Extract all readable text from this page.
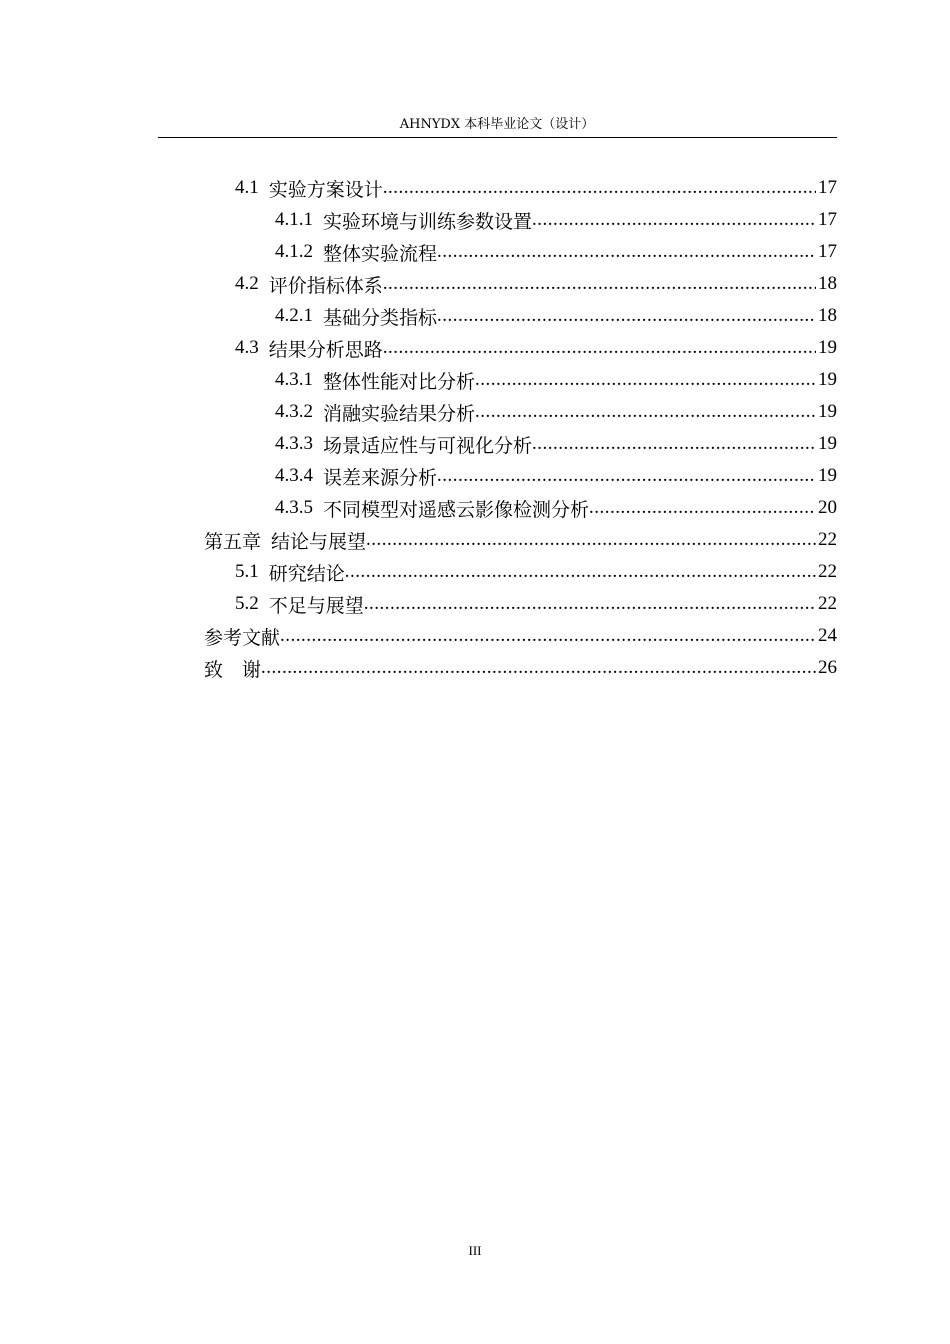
AHNYDX 本科毕业论文（设计）
4.1 实验方案设计 .....	17
4.1.1 实验环境与训练参数设置 .....	17
4.1.2 整体实验流程 .....	17
4.2 评价指标体系 .....	18
4.2.1 基础分类指标 .....	18
4.3 结果分析思路 .....	19
4.3.1 整体性能对比分析 .....	19
4.3.2 消融实验结果分析 .....	19
4.3.3 场景适应性与可视化分析 .....	19
4.3.4 误差来源分析 .....	19
4.3.5 不同模型对遥感云影像检测分析 .....	20
第五章 结论与展望 .....	22
5.1 研究结论 .....	22
5.2 不足与展望 .....	22
参考文献 .....	24
致　谢 .....	26
III
